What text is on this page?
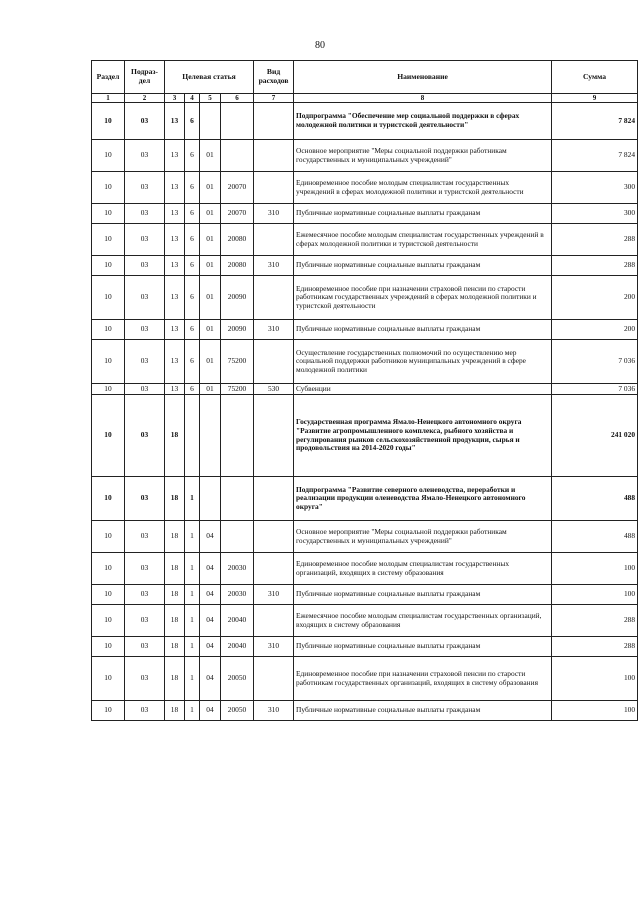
80
Раздел	Подраз-дел	Целевая статья				Вид расходов	Наименование	Сумма
1	2	3	4	5	6	7	8	9
10	03	13	6				Подпрограмма "Обеспечение мер социальной поддержки в сферах молодежной политики и туристской деятельности"	7 824
10	03	13	6	01			Основное мероприятие "Меры социальной поддержки работникам государственных и муниципальных учреждений"	7 824
10	03	13	6	01	20070		Единовременное пособие молодым специалистам государственных учреждений в сферах молодежной политики и туристской деятельности	300
10	03	13	6	01	20070	310	Публичные нормативные социальные выплаты гражданам	300
10	03	13	6	01	20080		Ежемесячное пособие молодым специалистам государственных учреждений в сферах молодежной политики и туристской деятельности	288
10	03	13	6	01	20080	310	Публичные нормативные социальные выплаты гражданам	288
10	03	13	6	01	20090		Единовременное пособие при назначении страховой пенсии по старости работникам государственных учреждений в сферах молодежной политики и туристской деятельности	200
10	03	13	6	01	20090	310	Публичные нормативные социальные выплаты гражданам	200
10	03	13	6	01	75200		Осуществление государственных полномочий по осуществлению мер социальной поддержки работников муниципальных учреждений в сфере молодежной политики	7 036
10	03	13	6	01	75200	530	Субвенции	7 036
10	03	18					Государственная программа Ямало-Ненецкого автономного округа "Развитие агропромышленного комплекса, рыбного хозяйства и регулирования рынков сельскохозяйственной продукции, сырья и продовольствия на 2014-2020 годы"	241 020
10	03	18	1				Подпрограмма "Развитие северного оленеводства, переработки и реализации продукции оленеводства Ямало-Ненецкого автономного округа"	488
10	03	18	1	04			Основное мероприятие "Меры социальной поддержки работникам государственных и муниципальных учреждений"	488
10	03	18	1	04	20030		Единовременное пособие молодым специалистам государственных организаций, входящих в систему образования	100
10	03	18	1	04	20030	310	Публичные нормативные социальные выплаты гражданам	100
10	03	18	1	04	20040		Ежемесячное пособие молодым специалистам государственных организаций, входящих в систему образования	288
10	03	18	1	04	20040	310	Публичные нормативные социальные выплаты гражданам	288
10	03	18	1	04	20050		Единовременное пособие при назначении страховой пенсии по старости работникам государственных организаций, входящих в систему образования	100
10	03	18	1	04	20050	310	Публичные нормативные социальные выплаты гражданам	100
